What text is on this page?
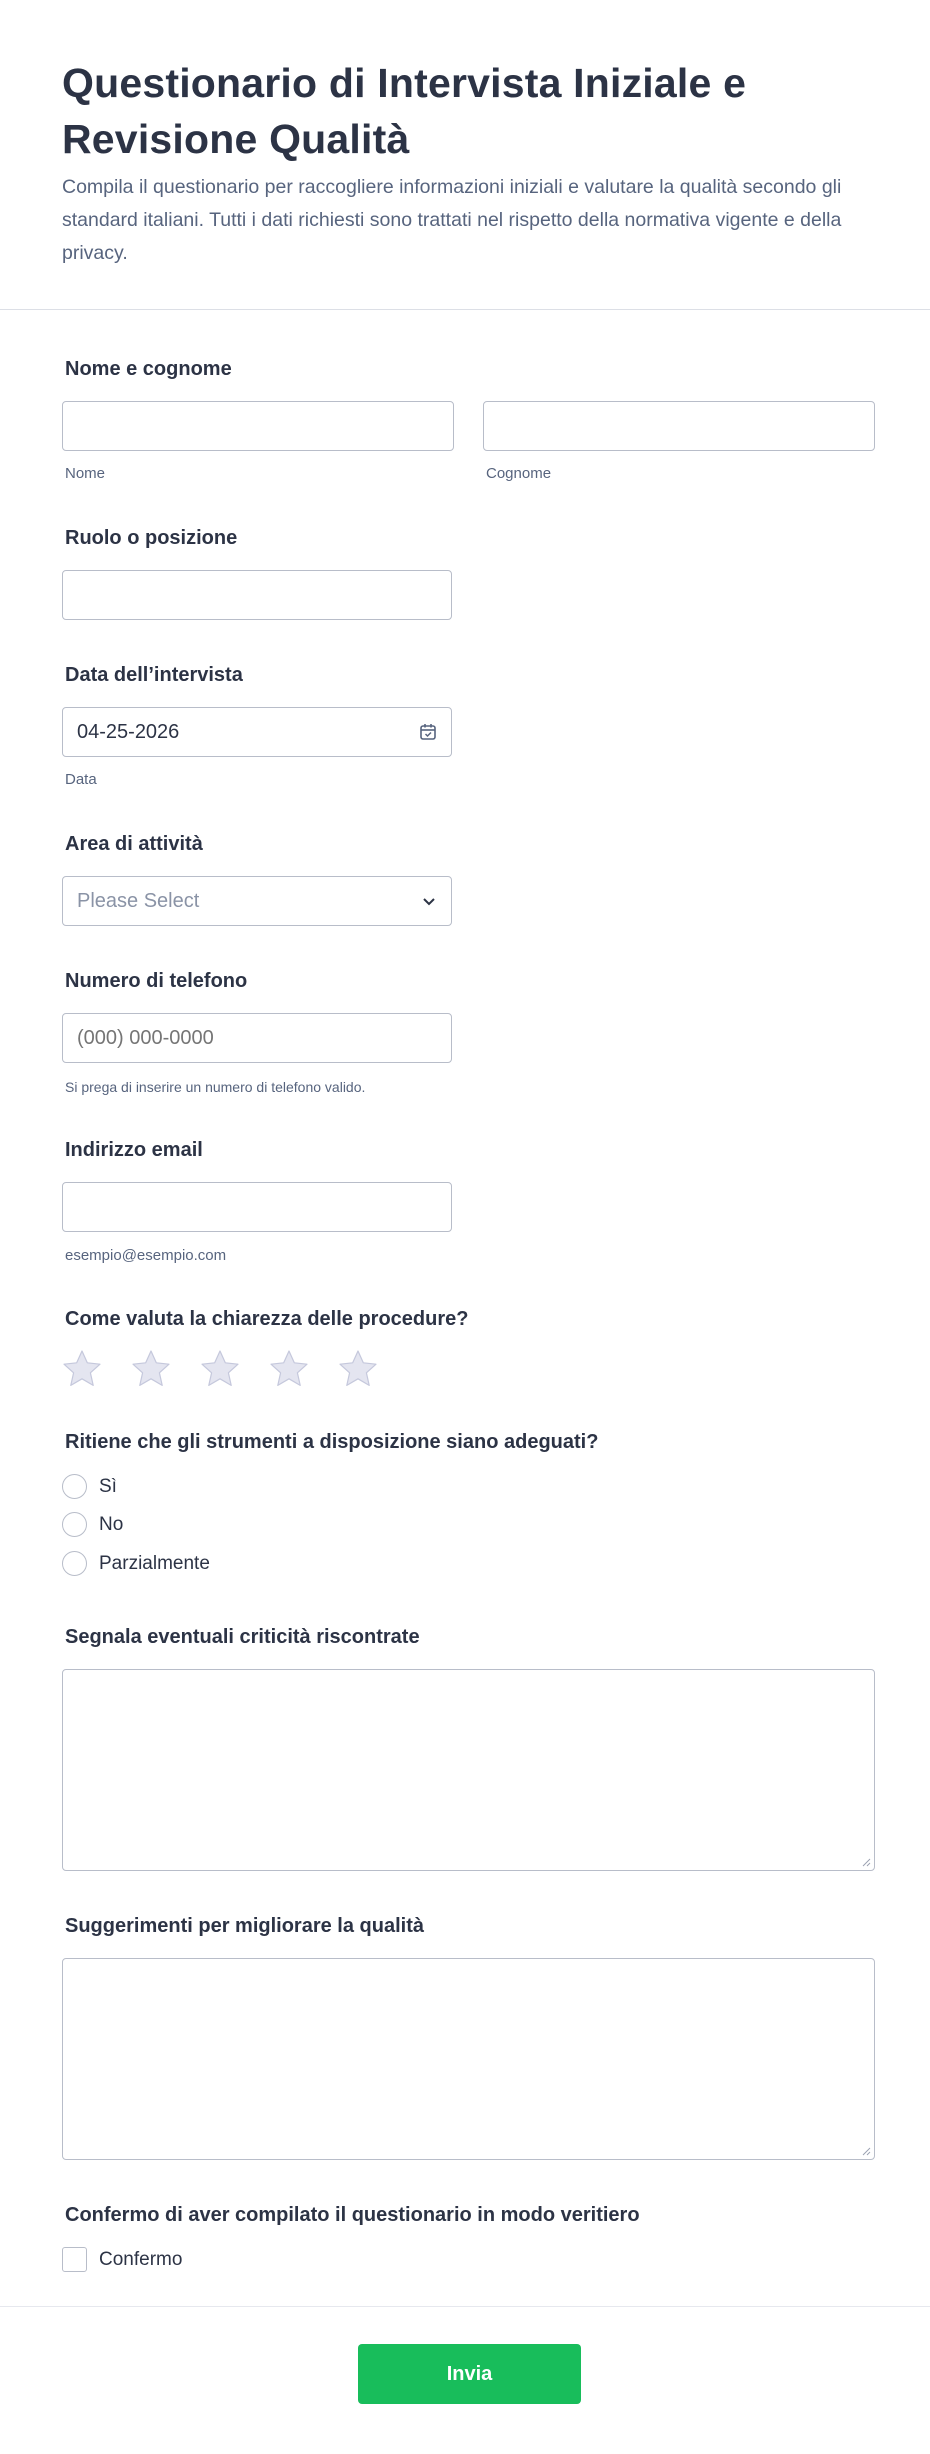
Questionario di Intervista Iniziale e Revisione Qualità

Compila il questionario per raccogliere informazioni iniziali e valutare la qualità secondo gli standard italiani. Tutti i dati richiesti sono trattati nel rispetto della normativa vigente e della privacy.

Nome e cognome
Nome	Cognome
Ruolo o posizione
Data dell’intervista
04-25-2026
Data
Area di attività
Please Select
Numero di telefono
(000) 000-0000
Si prega di inserire un numero di telefono valido.
Indirizzo email
esempio@esempio.com
Come valuta la chiarezza delle procedure?
Ritiene che gli strumenti a disposizione siano adeguati?
Sì
No
Parzialmente
Segnala eventuali criticità riscontrate
Suggerimenti per migliorare la qualità
Confermo di aver compilato il questionario in modo veritiero
Confermo
Invia
